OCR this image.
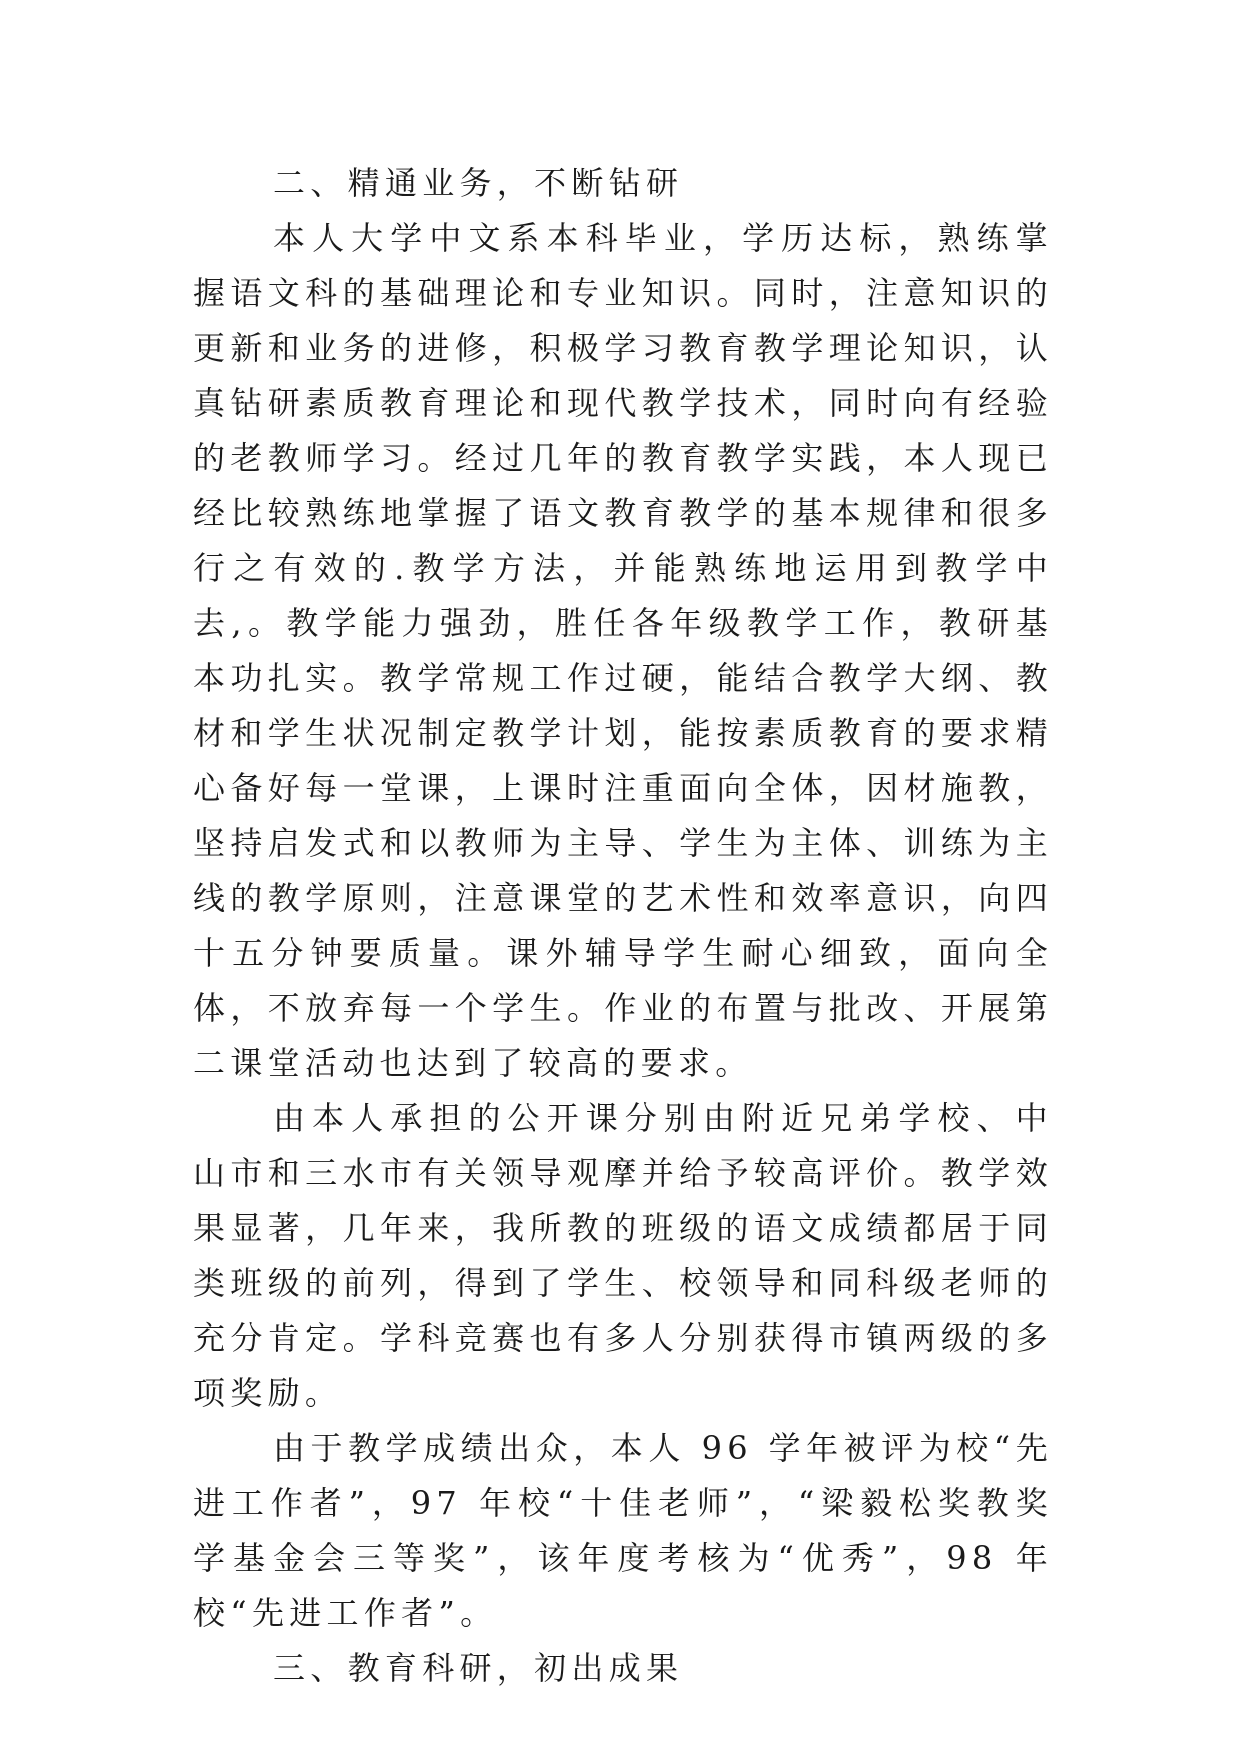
二、精通业务，不断钻研

本人大学中文系本科毕业，学历达标，熟练掌握语文科的基础理论和专业知识。同时，注意知识的更新和业务的进修，积极学习教育教学理论知识，认真钻研素质教育理论和现代教学技术，同时向有经验的老教师学习。经过几年的教育教学实践，本人现已经比较熟练地掌握了语文教育教学的基本规律和很多行之有效的.教学方法，并能熟练地运用到教学中去,。教学能力强劲，胜任各年级教学工作，教研基本功扎实。教学常规工作过硬，能结合教学大纲、教材和学生状况制定教学计划，能按素质教育的要求精心备好每一堂课，上课时注重面向全体，因材施教，坚持启发式和以教师为主导、学生为主体、训练为主线的教学原则，注意课堂的艺术性和效率意识，向四十五分钟要质量。课外辅导学生耐心细致，面向全体，不放弃每一个学生。作业的布置与批改、开展第二课堂活动也达到了较高的要求。

由本人承担的公开课分别由附近兄弟学校、中山市和三水市有关领导观摩并给予较高评价。教学效果显著，几年来，我所教的班级的语文成绩都居于同类班级的前列，得到了学生、校领导和同科级老师的充分肯定。学科竞赛也有多人分别获得市镇两级的多项奖励。

由于教学成绩出众，本人 96 学年被评为校“先进工作者”，97 年校“十佳老师”，“梁毅松奖教奖学基金会三等奖”，该年度考核为“优秀”，98 年校“先进工作者”。

三、教育科研，初出成果
